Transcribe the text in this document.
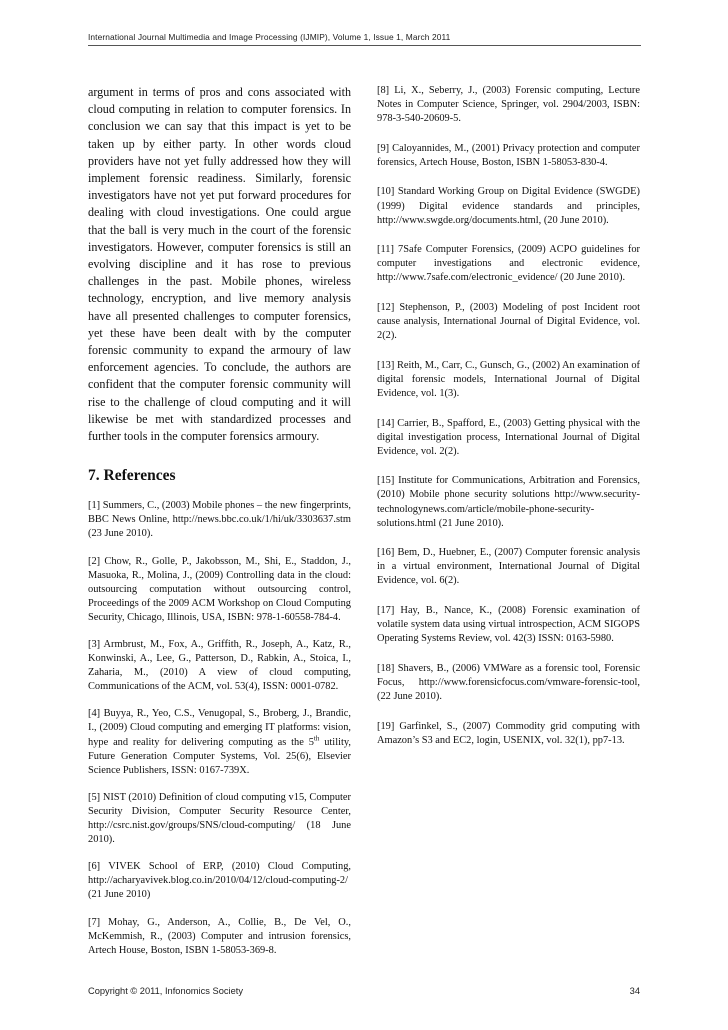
International Journal Multimedia and Image Processing (IJMIP), Volume 1, Issue 1, March 2011

argument in terms of pros and cons associated with cloud computing in relation to computer forensics. In conclusion we can say that this impact is yet to be taken up by either party. In other words cloud providers have not yet fully addressed how they will implement forensic readiness. Similarly, forensic investigators have not yet put forward procedures for dealing with cloud investigations. One could argue that the ball is very much in the court of the forensic investigators. However, computer forensics is still an evolving discipline and it has rose to previous challenges in the past. Mobile phones, wireless technology, encryption, and live memory analysis have all presented challenges to computer forensics, yet these have been dealt with by the computer forensic community to expand the armoury of law enforcement agencies. To conclude, the authors are confident that the computer forensic community will rise to the challenge of cloud computing and it will likewise be met with standardized processes and further tools in the computer forensics armoury.

7. References

[1] Summers, C., (2003) Mobile phones – the new fingerprints, BBC News Online, http://news.bbc.co.uk/1/hi/uk/3303637.stm (23 June 2010).

[2] Chow, R., Golle, P., Jakobsson, M., Shi, E., Staddon, J., Masuoka, R., Molina, J., (2009) Controlling data in the cloud: outsourcing computation without outsourcing control, Proceedings of the 2009 ACM Workshop on Cloud Computing Security, Chicago, Illinois, USA, ISBN: 978-1-60558-784-4.

[3] Armbrust, M., Fox, A., Griffith, R., Joseph, A., Katz, R., Konwinski, A., Lee, G., Patterson, D., Rabkin, A., Stoica, I., Zaharia, M., (2010) A view of cloud computing, Communications of the ACM, vol. 53(4), ISSN: 0001-0782.

[4] Buyya, R., Yeo, C.S., Venugopal, S., Broberg, J., Brandic, I., (2009) Cloud computing and emerging IT platforms: vision, hype and reality for delivering computing as the 5th utility, Future Generation Computer Systems, Vol. 25(6), Elsevier Science Publishers, ISSN: 0167-739X.

[5] NIST (2010) Definition of cloud computing v15, Computer Security Division, Computer Security Resource Center, http://csrc.nist.gov/groups/SNS/cloud-computing/ (18 June 2010).

[6] VIVEK School of ERP, (2010) Cloud Computing, http://acharyavivek.blog.co.in/2010/04/12/cloud-computing-2/ (21 June 2010)

[7] Mohay, G., Anderson, A., Collie, B., De Vel, O., McKemmish, R., (2003) Computer and intrusion forensics, Artech House, Boston, ISBN 1-58053-369-8.

[8] Li, X., Seberry, J., (2003) Forensic computing, Lecture Notes in Computer Science, Springer, vol. 2904/2003, ISBN: 978-3-540-20609-5.

[9] Caloyannides, M., (2001) Privacy protection and computer forensics, Artech House, Boston, ISBN 1-58053-830-4.

[10] Standard Working Group on Digital Evidence (SWGDE) (1999) Digital evidence standards and principles, http://www.swgde.org/documents.html, (20 June 2010).

[11] 7Safe Computer Forensics, (2009) ACPO guidelines for computer investigations and electronic evidence, http://www.7safe.com/electronic_evidence/ (20 June 2010).

[12] Stephenson, P., (2003) Modeling of post Incident root cause analysis, International Journal of Digital Evidence, vol. 2(2).

[13] Reith, M., Carr, C., Gunsch, G., (2002) An examination of digital forensic models, International Journal of Digital Evidence, vol. 1(3).

[14] Carrier, B., Spafford, E., (2003) Getting physical with the digital investigation process, International Journal of Digital Evidence, vol. 2(2).

[15] Institute for Communications, Arbitration and Forensics, (2010) Mobile phone security solutions http://www.security-technologynews.com/article/mobile-phone-security-solutions.html (21 June 2010).

[16] Bem, D., Huebner, E., (2007) Computer forensic analysis in a virtual environment, International Journal of Digital Evidence, vol. 6(2).

[17] Hay, B., Nance, K., (2008) Forensic examination of volatile system data using virtual introspection, ACM SIGOPS Operating Systems Review, vol. 42(3) ISSN: 0163-5980.

[18] Shavers, B., (2006) VMWare as a forensic tool, Forensic Focus, http://www.forensicfocus.com/vmware-forensic-tool, (22 June 2010).

[19] Garfinkel, S., (2007) Commodity grid computing with Amazon’s S3 and EC2, login, USENIX, vol. 32(1), pp7-13.

Copyright © 2011, Infonomics Society	34
